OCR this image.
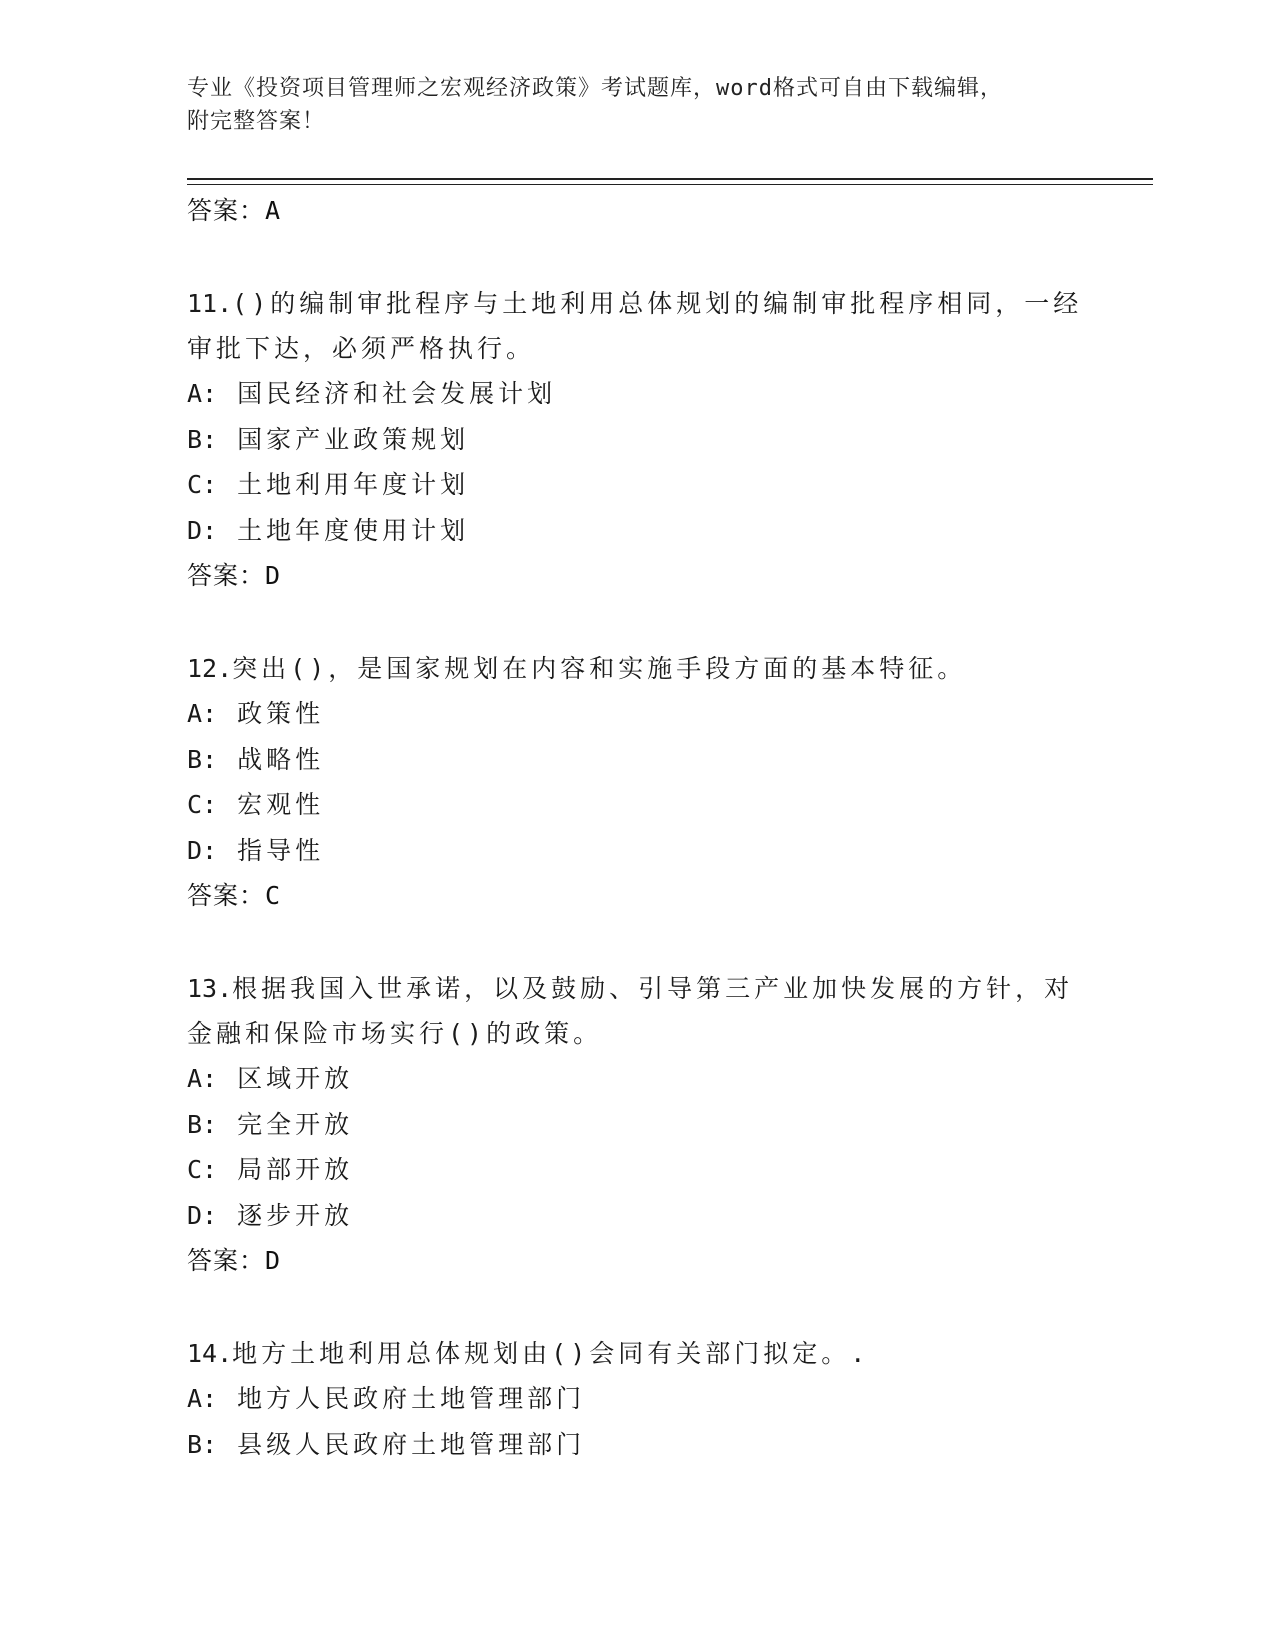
专业《投资项目管理师之宏观经济政策》考试题库，word格式可自由下载编辑，
附完整答案！

答案：A

11.()的编制审批程序与土地利用总体规划的编制审批程序相同，一经

审批下达，必须严格执行。

A: 国民经济和社会发展计划

B: 国家产业政策规划

C: 土地利用年度计划

D: 土地年度使用计划

答案：D

12.突出()，是国家规划在内容和实施手段方面的基本特征。

A: 政策性

B: 战略性

C: 宏观性

D: 指导性

答案：C

13.根据我国入世承诺，以及鼓励、引导第三产业加快发展的方针，对

金融和保险市场实行()的政策。

A: 区域开放

B: 完全开放

C: 局部开放

D: 逐步开放

答案：D

14.地方土地利用总体规划由()会同有关部门拟定。.

A: 地方人民政府土地管理部门

B: 县级人民政府土地管理部门
